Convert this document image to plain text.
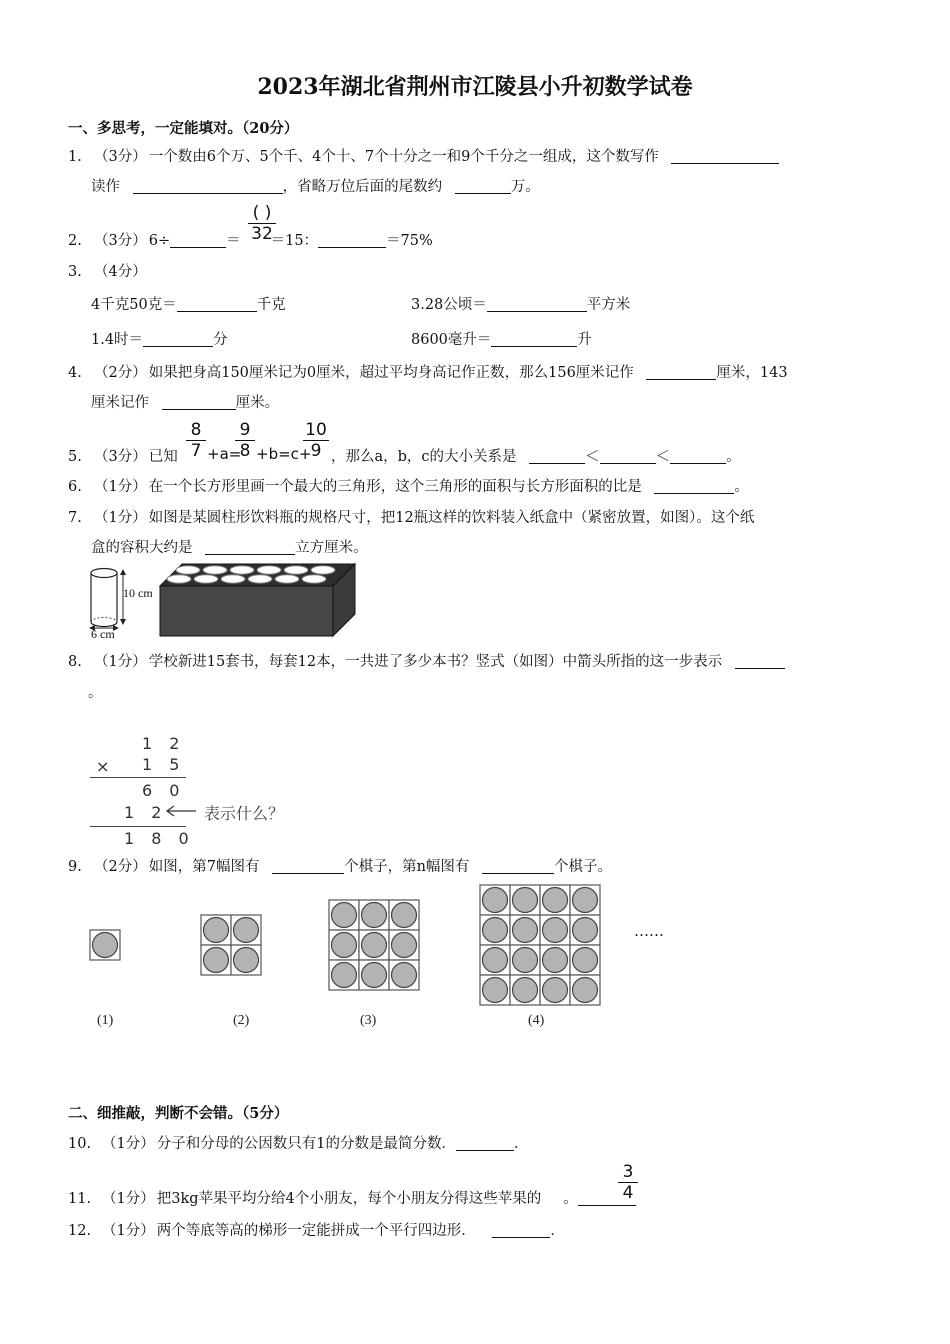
2023年湖北省荆州市江陵县小升初数学试卷
一、多思考，一定能填对。（20分）
1. （3分） 一个数由6个万、5个千、4个十、7个十分之一和9个千分之一组成，这个数写作
读作	，省略万位后面的尾数约	万。
2. （3分） 6÷	＝ ＝15：	＝75%
( )
32
3. （4分）
4千克50克＝	千克	3.28公顷＝	平方米
1.4时＝	分	8600毫升＝	升
4. （2分） 如果把身高150厘米记为0厘米，超过平均身高记作正数，那么156厘米记作	厘米，143
厘米记作	厘米。
5. （3分） 已知
8
7 +a=
9
8 +b=c+
10
9 ，那么a，b，c的大小关系是	＜	＜	。
6. （1分） 在一个长方形里画一个最大的三角形，这个三角形的面积与长方形面积的比是	。
7. （1分） 如图是某圆柱形饮料瓶的规格尺寸，把12瓶这样的饮料装入纸盒中（紧密放置，如图）。这个纸
盒的容积大约是	立方厘米。
10 cm
6 cm
8. （1分） 学校新进15套书，每套12本，一共进了多少本书？竖式（如图）中箭头所指的这一步表示
。
1 2
× 1 5
6 0
1 2 表示什么？
1 8 0
9. （2分） 如图，第7幅图有	个棋子，第n幅图有	个棋子。
(1)	(2)	(3)	(4)
……
二、细推敲，判断不会错。（5分）
10. （1分） 分子和分母的公因数只有1的分数是最简分数．	．
11. （1分） 把3kg苹果平均分给4个小朋友，每个小朋友分得这些苹果的 。
3
4
12. （1分） 两个等底等高的梯形一定能拼成一个平行四边形．	．
